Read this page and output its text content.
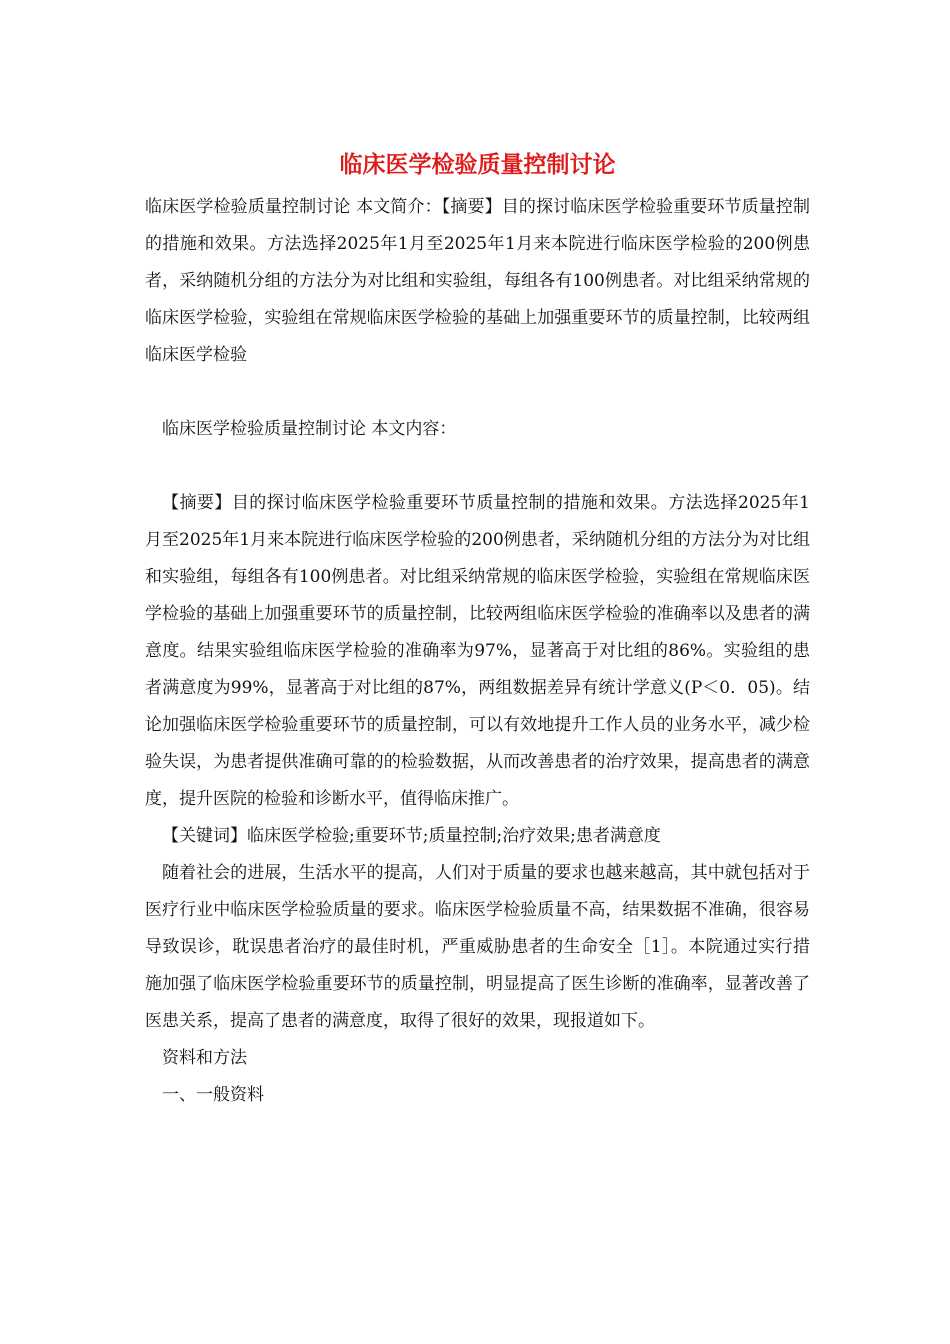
临床医学检验质量控制讨论

临床医学检验质量控制讨论 本文简介：【摘要】目的探讨临床医学检验重要环节质量控制的措施和效果。方法选择2025年1月至2025年1月来本院进行临床医学检验的200例患者，采纳随机分组的方法分为对比组和实验组，每组各有100例患者。对比组采纳常规的临床医学检验，实验组在常规临床医学检验的基础上加强重要环节的质量控制，比较两组临床医学检验

临床医学检验质量控制讨论 本文内容：

【摘要】目的探讨临床医学检验重要环节质量控制的措施和效果。方法选择2025年1月至2025年1月来本院进行临床医学检验的200例患者，采纳随机分组的方法分为对比组和实验组，每组各有100例患者。对比组采纳常规的临床医学检验，实验组在常规临床医学检验的基础上加强重要环节的质量控制，比较两组临床医学检验的准确率以及患者的满意度。结果实验组临床医学检验的准确率为97%，显著高于对比组的86%。实验组的患者满意度为99%，显著高于对比组的87%，两组数据差异有统计学意义(P＜0．05)。结论加强临床医学检验重要环节的质量控制，可以有效地提升工作人员的业务水平，减少检验失误，为患者提供准确可靠的的检验数据，从而改善患者的治疗效果，提高患者的满意度，提升医院的检验和诊断水平，值得临床推广。

【关键词】临床医学检验;重要环节;质量控制;治疗效果;患者满意度

随着社会的进展，生活水平的提高，人们对于质量的要求也越来越高，其中就包括对于医疗行业中临床医学检验质量的要求。临床医学检验质量不高，结果数据不准确，很容易导致误诊，耽误患者治疗的最佳时机，严重威胁患者的生命安全［1］。本院通过实行措施加强了临床医学检验重要环节的质量控制，明显提高了医生诊断的准确率，显著改善了医患关系，提高了患者的满意度，取得了很好的效果，现报道如下。

资料和方法

一、一般资料
